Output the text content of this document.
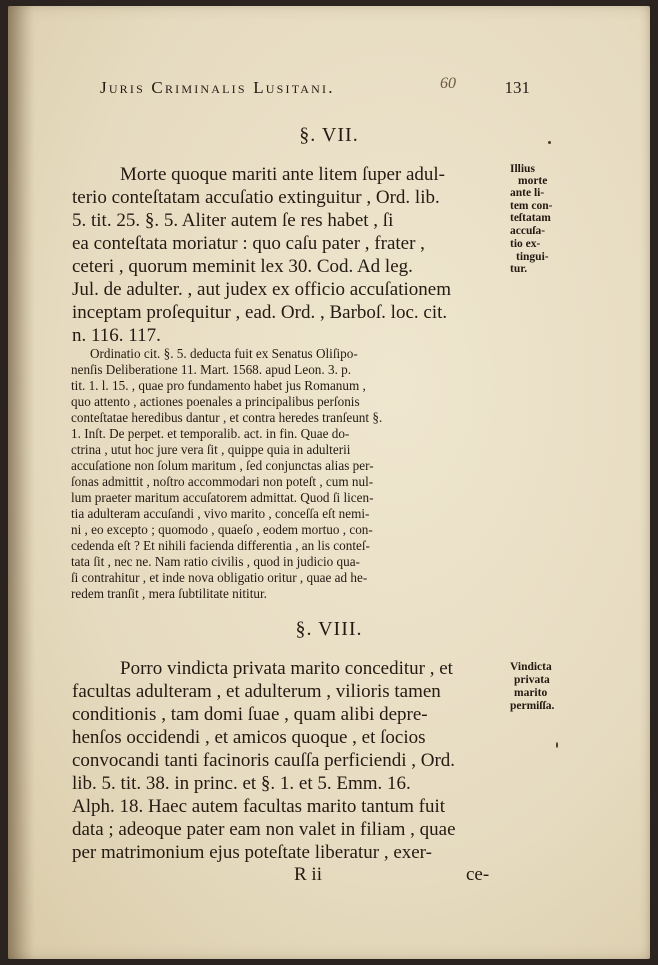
Juris Criminalis Lusitani.	131
60
§. VII.
Morte quoque mariti ante litem ſuper adul-
terio conteſtatam accuſatio extinguitur , Ord. lib.
5. tit. 25. §. 5. Aliter autem ſe res habet , ſi
ea conteſtata moriatur : quo caſu pater , frater ,
ceteri , quorum meminit lex 30. Cod. Ad leg.
Jul. de adulter. , aut judex ex officio accuſationem
inceptam proſequitur , ead. Ord. , Barboſ. loc. cit.
n. 116. 117.
Illius
morte
ante li-
tem con-
teſtatam
accuſa-
tio ex-
tingui-
tur.
Ordinatio cit. §. 5. deducta fuit ex Senatus Oliſipo-
nenſis Deliberatione 11. Mart. 1568. apud Leon. 3. p.
tit. 1. l. 15. , quae pro fundamento habet jus Romanum ,
quo attento , actiones poenales a principalibus perſonis
conteſtatae heredibus dantur , et contra heredes tranſeunt §.
1. Inſt. De perpet. et temporalib. act. in fin. Quae do-
ctrina , utut hoc jure vera ſit , quippe quia in adulterii
accuſatione non ſolum maritum , ſed conjunctas alias per-
ſonas admittit , noſtro accommodari non poteſt , cum nul-
lum praeter maritum accuſatorem admittat. Quod ſi licen-
tia adulteram accuſandi , vivo marito , conceſſa eſt nemi-
ni , eo excepto ; quomodo , quaeſo , eodem mortuo , con-
cedenda eſt ? Et nihili facienda differentia , an lis conteſ-
tata ſit , nec ne. Nam ratio civilis , quod in judicio qua-
ſi contrahitur , et inde nova obligatio oritur , quae ad he-
redem tranſit , mera ſubtilitate nititur.
§. VIII.
Porro vindicta privata marito conceditur , et
facultas adulteram , et adulterum , vilioris tamen
conditionis , tam domi ſuae , quam alibi depre-
henſos occidendi , et amicos quoque , et ſocios
convocandi tanti facinoris cauſſa perficiendi , Ord.
lib. 5. tit. 38. in princ. et §. 1. et 5. Emm. 16.
Alph. 18. Haec autem facultas marito tantum fuit
data ; adeoque pater eam non valet in filiam , quae
per matrimonium ejus poteſtate liberatur , exer-
Vindicta
privata
marito
permiſſa.
R ii	ce-
